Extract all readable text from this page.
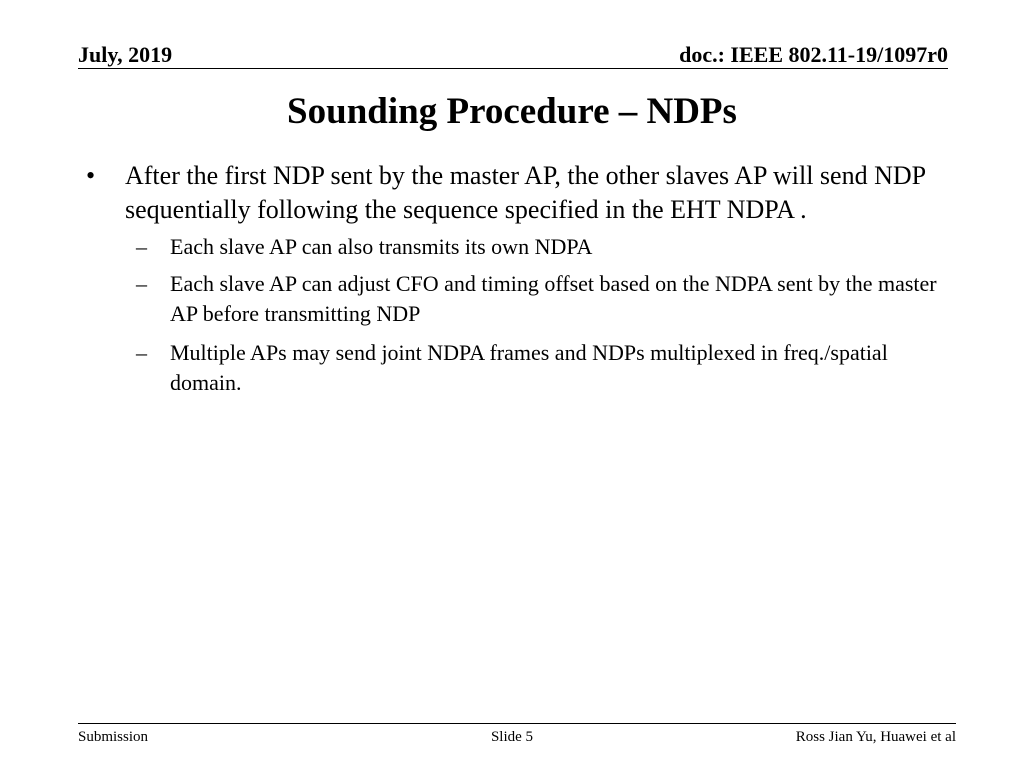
July, 2019	doc.: IEEE 802.11-19/1097r0
Sounding Procedure – NDPs
• After the first NDP sent by the master AP, the other slaves AP will send NDP sequentially following the sequence specified in the EHT NDPA .
– Each slave AP can also transmits its own NDPA
– Each slave AP can adjust CFO and timing offset based on the NDPA sent by the master AP before transmitting NDP
– Multiple APs may send joint NDPA frames and NDPs multiplexed in freq./spatial domain.
Submission	Slide 5	Ross Jian Yu, Huawei et al
